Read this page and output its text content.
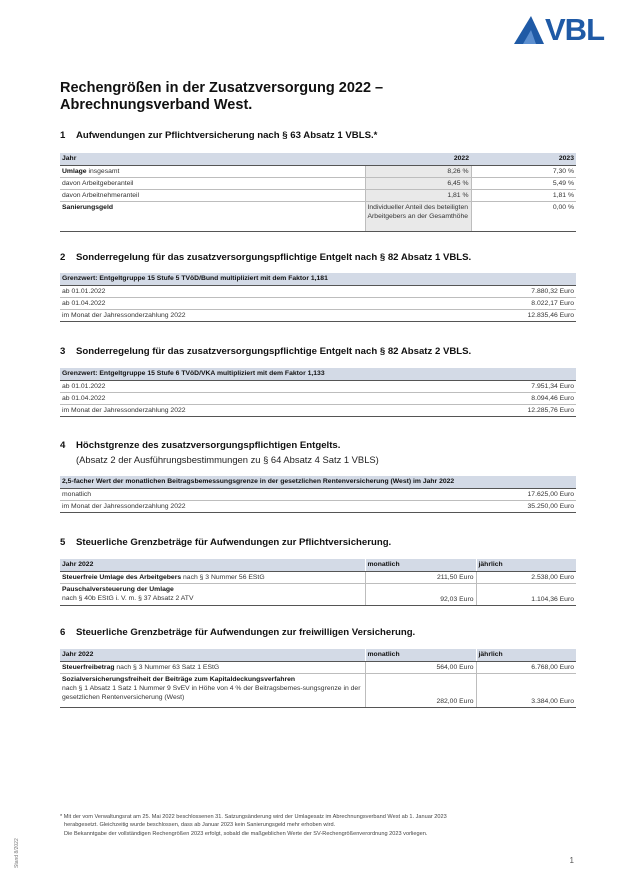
VBL
Rechengrößen in der Zusatzversorgung 2022 – Abrechnungsverband West.
1	Aufwendungen zur Pflichtversicherung nach § 63 Absatz 1 VBLS.*
Jahr	2022	2023
Umlage insgesamt	8,26 %	7,30 %
davon Arbeitgeberanteil	6,45 %	5,49 %
davon Arbeitnehmeranteil	1,81 %	1,81 %
Sanierungsgeld	Individueller Anteil des beteiligten Arbeitgebers an der Gesamthöhe	0,00 %
2	Sonderregelung für das zusatzversorgungspflichtige Entgelt nach § 82 Absatz 1 VBLS.
Grenzwert: Entgeltgruppe 15 Stufe 5 TVöD/Bund multipliziert mit dem Faktor 1,181	
ab 01.01.2022	7.880,32 Euro
ab 01.04.2022	8.022,17 Euro
im Monat der Jahressonderzahlung 2022	12.835,46 Euro
3	Sonderregelung für das zusatzversorgungspflichtige Entgelt nach § 82 Absatz 2 VBLS.
Grenzwert: Entgeltgruppe 15 Stufe 6 TVöD/VKA multipliziert mit dem Faktor 1,133	
ab 01.01.2022	7.951,34 Euro
ab 01.04.2022	8.094,46 Euro
im Monat der Jahressonderzahlung 2022	12.285,76 Euro
4	Höchstgrenze des zusatzversorgungspflichtigen Entgelts.
(Absatz 2 der Ausführungsbestimmungen zu § 64 Absatz 4 Satz 1 VBLS)
2,5-facher Wert der monatlichen Beitragsbemessungsgrenze in der gesetzlichen Rentenversicherung (West) im Jahr 2022	
monatlich	17.625,00 Euro
im Monat der Jahressonderzahlung 2022	35.250,00 Euro
5	Steuerliche Grenzbeträge für Aufwendungen zur Pflichtversicherung.
Jahr 2022	monatlich	jährlich
Steuerfreie Umlage des Arbeitgebers nach § 3 Nummer 56 EStG	211,50 Euro	2.538,00 Euro
Pauschalversteuerung der Umlage
nach § 40b EStG i. V. m. § 37 Absatz 2 ATV	92,03 Euro	1.104,36 Euro
6	Steuerliche Grenzbeträge für Aufwendungen zur freiwilligen Versicherung.
Jahr 2022	monatlich	jährlich
Steuerfreibetrag nach § 3 Nummer 63 Satz 1 EStG	564,00 Euro	6.768,00 Euro
Sozialversicherungsfreiheit der Beiträge zum Kapitaldeckungsverfahren
nach § 1 Absatz 1 Satz 1 Nummer 9 SvEV in Höhe von 4 % der Beitragsbemes-sungsgrenze in der gesetzlichen Rentenversicherung (West)	282,00 Euro	3.384,00 Euro
* Mit der vom Verwaltungsrat am 25. Mai 2022 beschlossenen 31. Satzungsänderung wird der Umlagesatz im Abrechnungsverband West ab 1. Januar 2023
herabgesetzt. Gleichzeitig wurde beschlossen, dass ab Januar 2023 kein Sanierungsgeld mehr erhoben wird.
Die Bekanntgabe der vollständigen Rechengrößen 2023 erfolgt, sobald die maßgeblichen Werte der SV-Rechengrößenverordnung 2023 vorliegen.
1
Stand 8/2022
